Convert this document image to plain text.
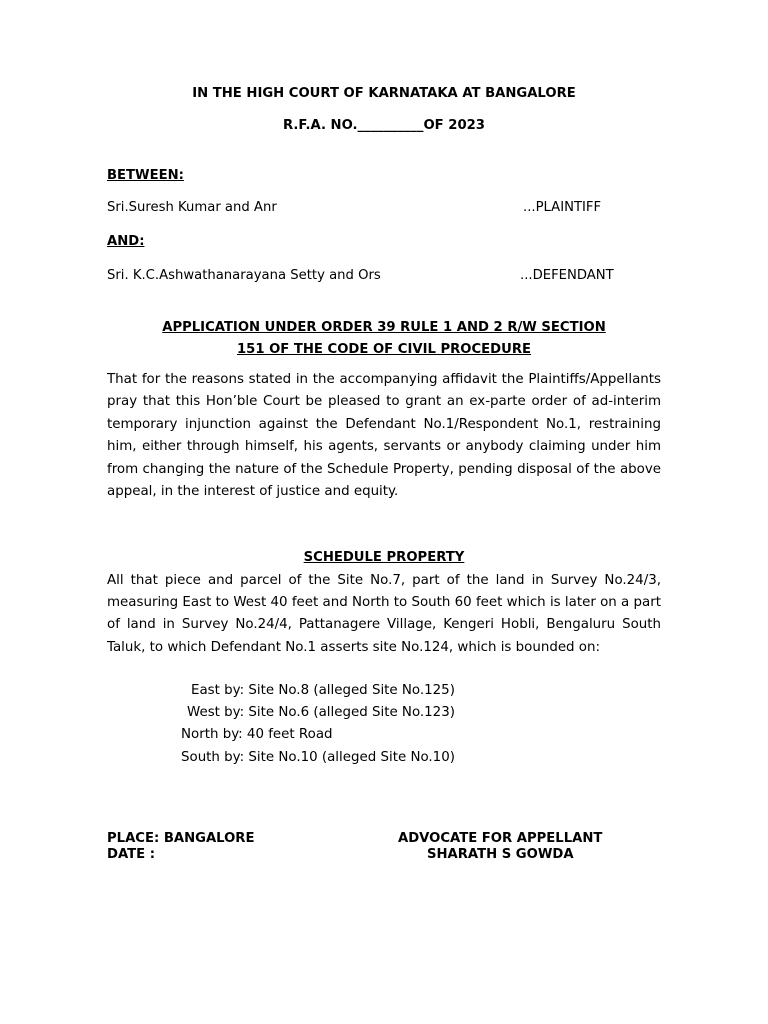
IN THE HIGH COURT OF KARNATAKA AT BANGALORE
R.F.A. NO.__________OF 2023
BETWEEN:
Sri.Suresh Kumar and Anr	...PLAINTIFF
AND:
Sri. K.C.Ashwathanarayana Setty and Ors	...DEFENDANT
APPLICATION UNDER ORDER 39 RULE 1 AND 2 R/W SECTION
151 OF THE CODE OF CIVIL PROCEDURE
That for the reasons stated in the accompanying affidavit the Plaintiffs/Appellants pray that this Hon’ble Court be pleased to grant an ex-parte order of ad-interim temporary injunction against the Defendant No.1/Respondent No.1, restraining him, either through himself, his agents, servants or anybody claiming under him from changing the nature of the Schedule Property, pending disposal of the above appeal, in the interest of justice and equity.
SCHEDULE PROPERTY
All that piece and parcel of the Site No.7, part of the land in Survey No.24/3, measuring East to West 40 feet and North to South 60 feet which is later on a part of land in Survey No.24/4, Pattanagere Village, Kengeri Hobli, Bengaluru South Taluk, to which Defendant No.1 asserts site No.124, which is bounded on:
East by: Site No.8 (alleged Site No.125)
West by: Site No.6 (alleged Site No.123)
North by: 40 feet Road
South by: Site No.10 (alleged Site No.10)
PLACE: BANGALORE
DATE :
ADVOCATE FOR APPELLANT
SHARATH S GOWDA
